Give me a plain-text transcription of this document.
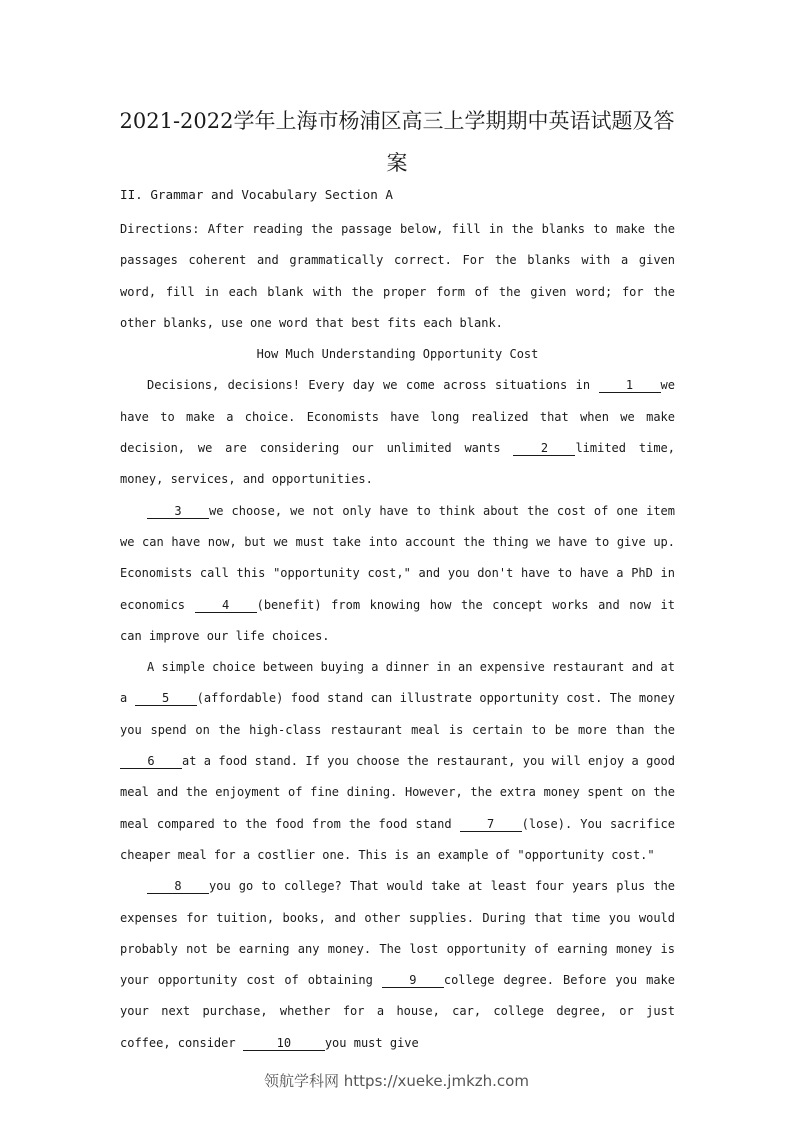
2021-2022学年上海市杨浦区高三上学期期中英语试题及答案
II. Grammar and Vocabulary Section A

Directions: After reading the passage below, fill in the blanks to make the passages coherent and grammatically correct. For the blanks with a given word, fill in each blank with the proper form of the given word; for the other blanks, use one word that best fits each blank.

How Much Understanding Opportunity Cost

Decisions, decisions! Every day we come across situations in 1 we have to make a choice. Economists have long realized that when we make decision, we are considering our unlimited wants 2 limited time, money, services, and opportunities.

3 we choose, we not only have to think about the cost of one item we can have now, but we must take into account the thing we have to give up. Economists call this "opportunity cost," and you don't have to have a PhD in economics 4 (benefit) from knowing how the concept works and now it can improve our life choices.

A simple choice between buying a dinner in an expensive restaurant and at a 5 (affordable) food stand can illustrate opportunity cost. The money you spend on the high-class restaurant meal is certain to be more than the 6 at a food stand. If you choose the restaurant, you will enjoy a good meal and the enjoyment of fine dining. However, the extra money spent on the meal compared to the food from the food stand 7 (lose). You sacrifice cheaper meal for a costlier one. This is an example of "opportunity cost."

8 you go to college? That would take at least four years plus the expenses for tuition, books, and other supplies. During that time you would probably not be earning any money. The lost opportunity of earning money is your opportunity cost of obtaining 9 college degree. Before you make your next purchase, whether for a house, car, college degree, or just coffee, consider	10	you must give

领航学科网 https://xueke.jmkzh.com
